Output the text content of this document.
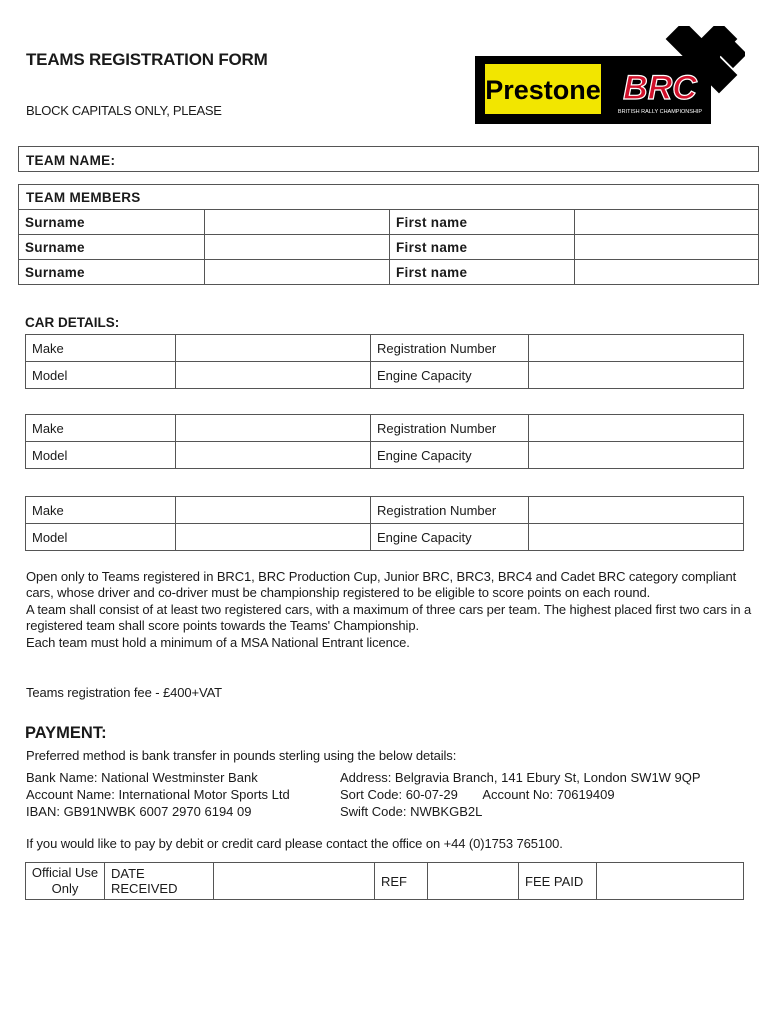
TEAMS REGISTRATION FORM
BLOCK CAPITALS ONLY, PLEASE
Prestone BRC
BRITISH RALLY CHAMPIONSHIP
TEAM NAME:
TEAM MEMBERS
Surname		First name	
Surname		First name	
Surname		First name	
CAR DETAILS:
Make		Registration Number	
Model		Engine Capacity	
Make		Registration Number	
Model		Engine Capacity	
Make		Registration Number	
Model		Engine Capacity	
Open only to Teams registered in BRC1, BRC Production Cup, Junior BRC, BRC3, BRC4 and Cadet BRC category compliant cars, whose driver and co-driver must be championship registered to be eligible to score points on each round.
A team shall consist of at least two registered cars, with a maximum of three cars per team. The highest placed first two cars in a registered team shall score points towards the Teams' Championship.
Each team must hold a minimum of a MSA National Entrant licence.
Teams registration fee - £400+VAT
PAYMENT:
Preferred method is bank transfer in pounds sterling using the below details:
Bank Name: National Westminster Bank
Account Name: International Motor Sports Ltd
IBAN: GB91NWBK 6007 2970 6194 09
Address: Belgravia Branch, 141 Ebury St, London SW1W 9QP
Sort Code: 60-07-29 Account No: 70619409
Swift Code: NWBKGB2L
If you would like to pay by debit or credit card please contact the office on +44 (0)1753 765100.
Official Use Only	DATE RECEIVED		REF		FEE PAID	
